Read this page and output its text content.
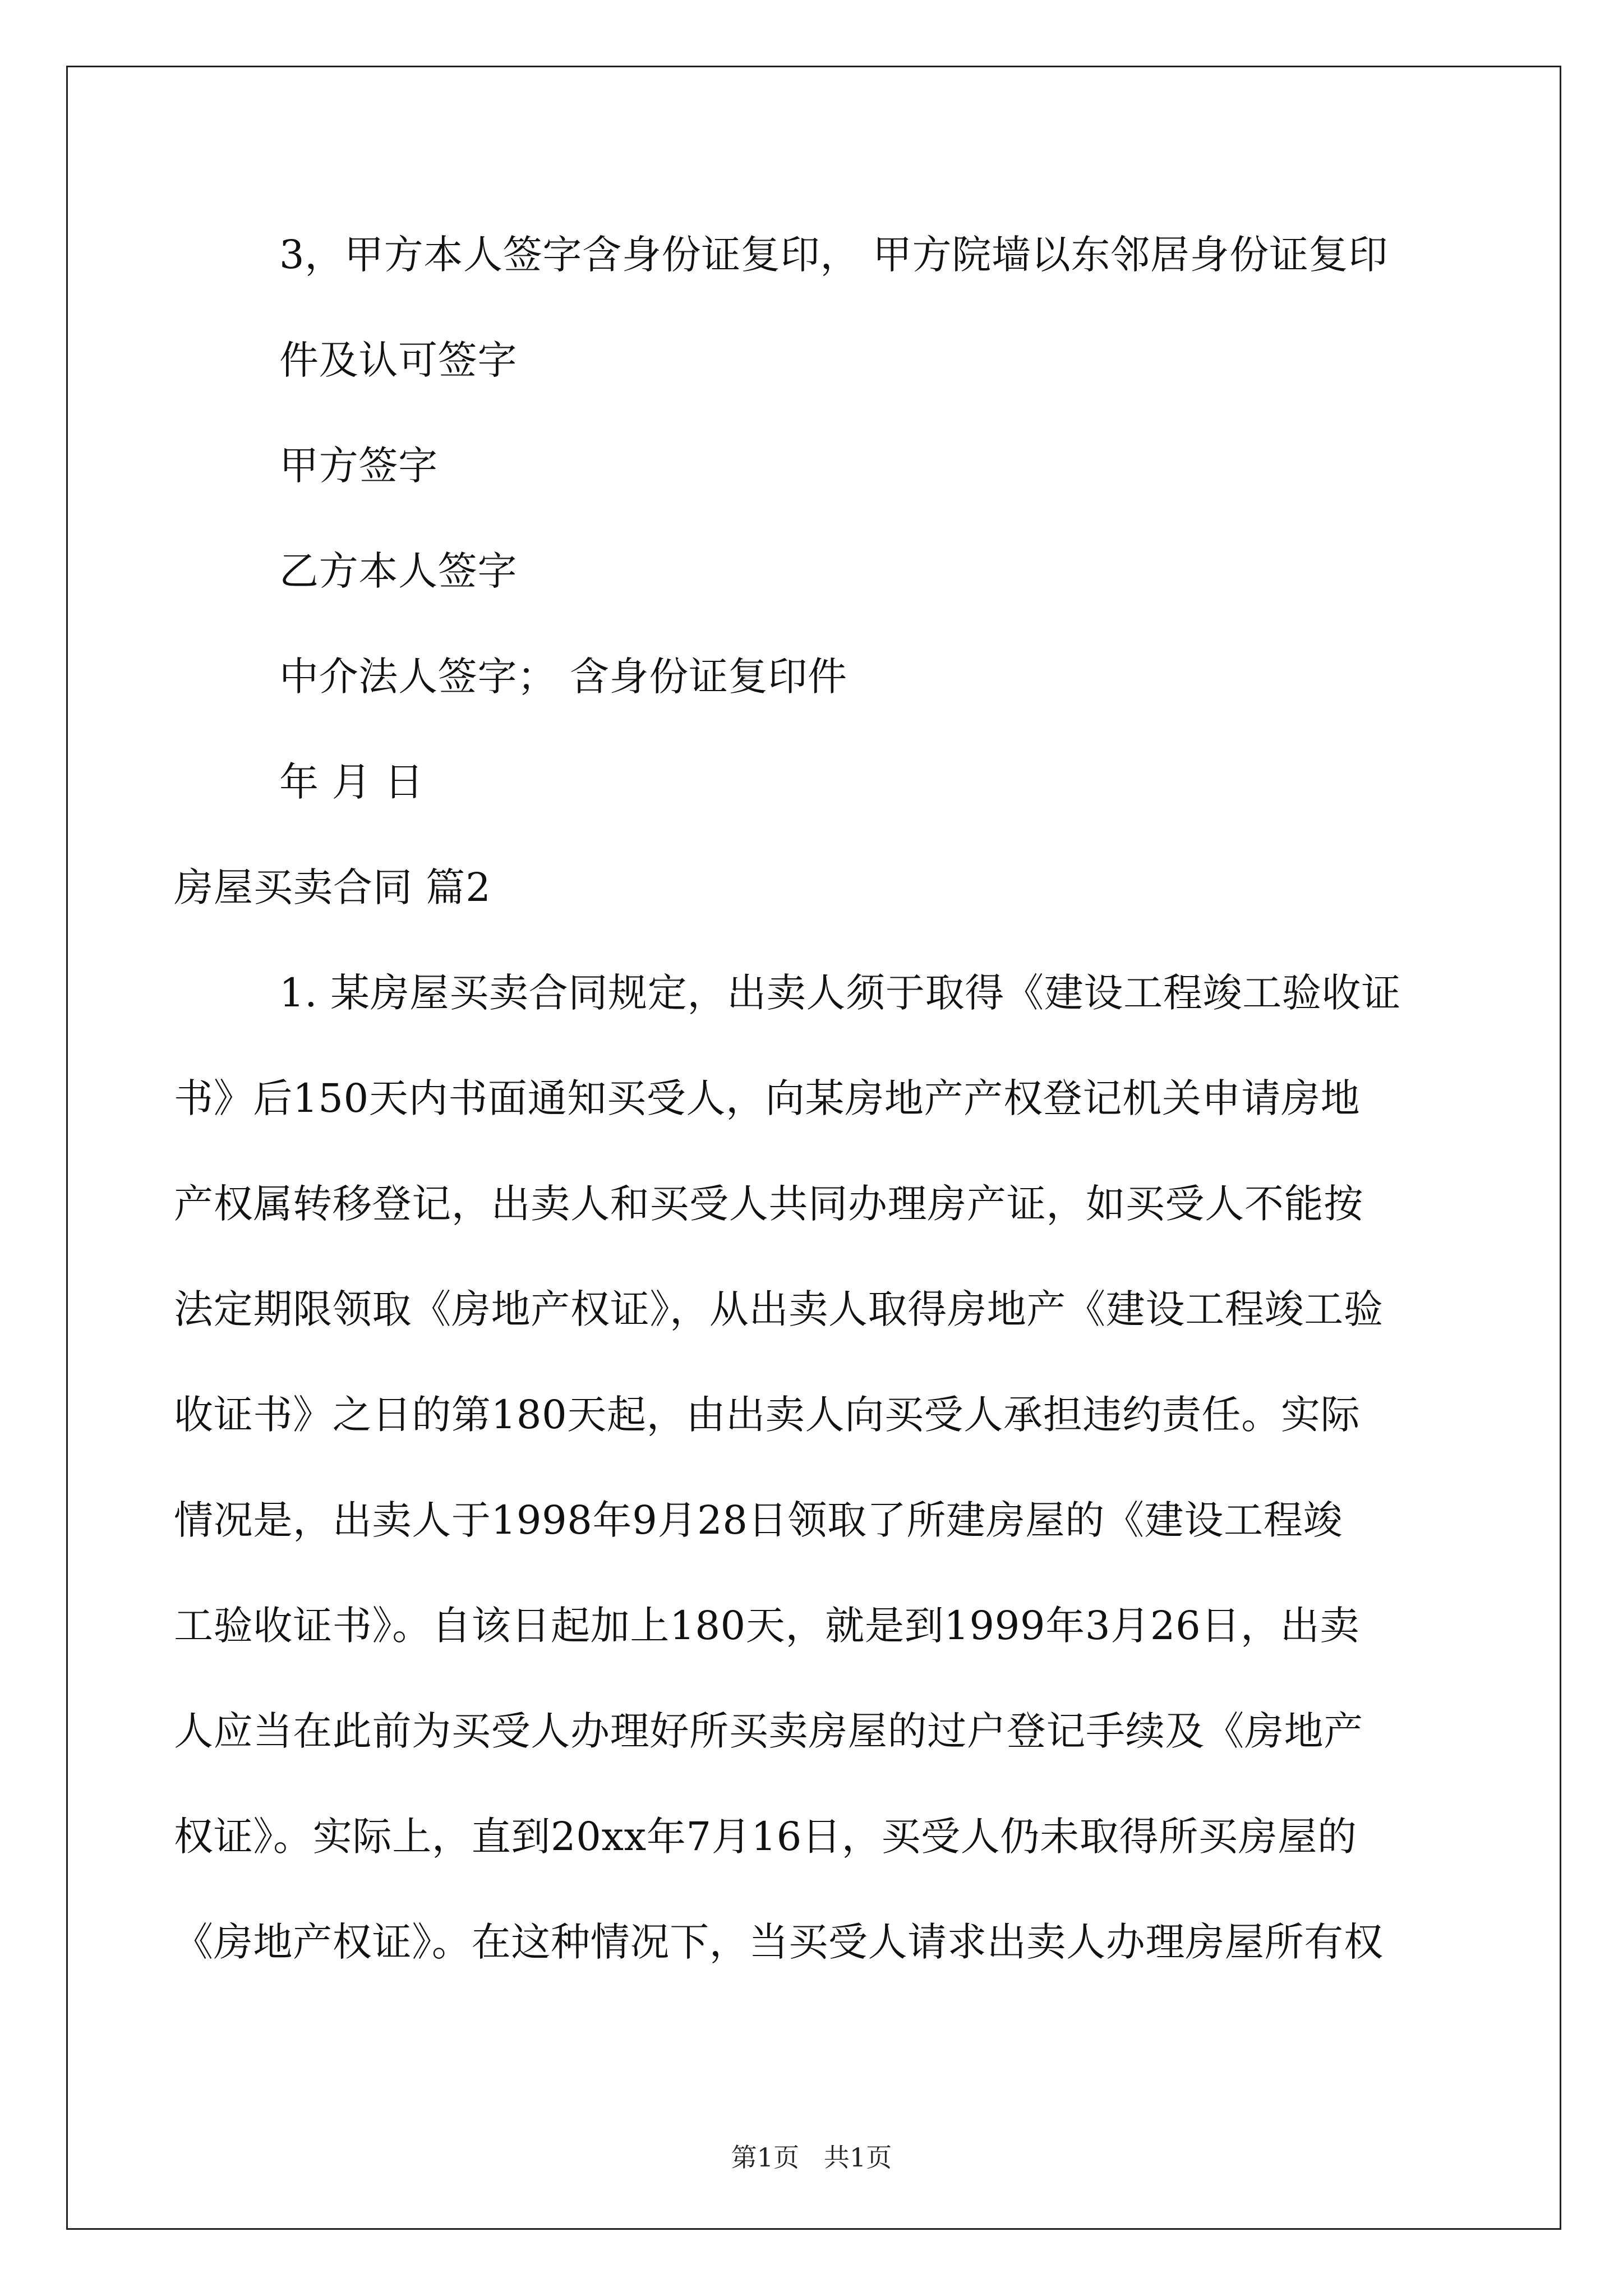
3，甲方本人签字含身份证复印， 甲方院墙以东邻居身份证复印
件及认可签字
甲方签字
乙方本人签字
中介法人签字； 含身份证复印件
年 月 日
房屋买卖合同 篇2
1. 某房屋买卖合同规定，出卖人须于取得《建设工程竣工验收证
书》后150天内书面通知买受人，向某房地产产权登记机关申请房地
产权属转移登记，出卖人和买受人共同办理房产证，如买受人不能按
法定期限领取《房地产权证》，从出卖人取得房地产《建设工程竣工验
收证书》之日的第180天起，由出卖人向买受人承担违约责任。实际
情况是，出卖人于1998年9月28日领取了所建房屋的《建设工程竣
工验收证书》。自该日起加上180天，就是到1999年3月26日，出卖
人应当在此前为买受人办理好所买卖房屋的过户登记手续及《房地产
权证》。实际上，直到20xx年7月16日，买受人仍未取得所买房屋的
《房地产权证》。在这种情况下，当买受人请求出卖人办理房屋所有权
第1页   共1页
